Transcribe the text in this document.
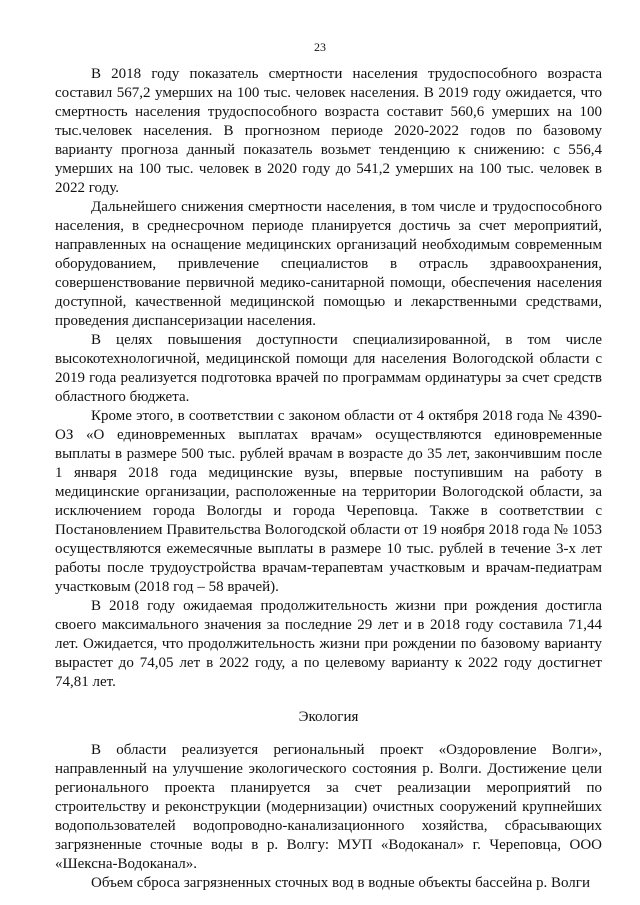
23

В 2018 году показатель смертности населения трудоспособного возраста составил 567,2 умерших на 100 тыс. человек населения. В 2019 году ожидается, что смертность населения трудоспособного возраста составит 560,6 умерших на 100 тыс.человек населения. В прогнозном периоде 2020-2022 годов по базовому варианту прогноза данный показатель возьмет тенденцию к снижению: с 556,4 умерших на 100 тыс. человек в 2020 году до 541,2 умерших на 100 тыс. человек в 2022 году.

Дальнейшего снижения смертности населения, в том числе и трудоспособного населения, в среднесрочном периоде планируется достичь за счет мероприятий, направленных на оснащение медицинских организаций необходимым современным оборудованием, привлечение специалистов в отрасль здравоохранения, совершенствование первичной медико-санитарной помощи, обеспечения населения доступной, качественной медицинской помощью и лекарственными средствами, проведения диспансеризации населения.

В целях повышения доступности специализированной, в том числе высокотехнологичной, медицинской помощи для населения Вологодской области с 2019 года реализуется подготовка врачей по программам ординатуры за счет средств областного бюджета.

Кроме этого, в соответствии с законом области от 4 октября 2018 года № 4390-ОЗ «О единовременных выплатах врачам» осуществляются единовременные выплаты в размере 500 тыс. рублей врачам в возрасте до 35 лет, закончившим после 1 января 2018 года медицинские вузы, впервые поступившим на работу в медицинские организации, расположенные на территории Вологодской области, за исключением города Вологды и города Череповца. Также в соответствии с Постановлением Правительства Вологодской области от 19 ноября 2018 года № 1053 осуществляются ежемесячные выплаты в размере 10 тыс. рублей в течение 3-х лет работы после трудоустройства врачам-терапевтам участковым и врачам-педиатрам участковым (2018 год – 58 врачей).

В 2018 году ожидаемая продолжительность жизни при рождения достигла своего максимального значения за последние 29 лет и в 2018 году составила 71,44 лет. Ожидается, что продолжительность жизни при рождении по базовому варианту вырастет до 74,05 лет в 2022 году, а по целевому варианту к 2022 году достигнет 74,81 лет.

Экология

В области реализуется региональный проект «Оздоровление Волги», направленный на улучшение экологического состояния р. Волги. Достижение цели регионального проекта планируется за счет реализации мероприятий по строительству и реконструкции (модернизации) очистных сооружений крупнейших водопользователей водопроводно-канализационного хозяйства, сбрасывающих загрязненные сточные воды в р. Волгу: МУП «Водоканал» г. Череповца, ООО «Шексна-Водоканал».

Объем сброса загрязненных сточных вод в водные объекты бассейна р. Волги
